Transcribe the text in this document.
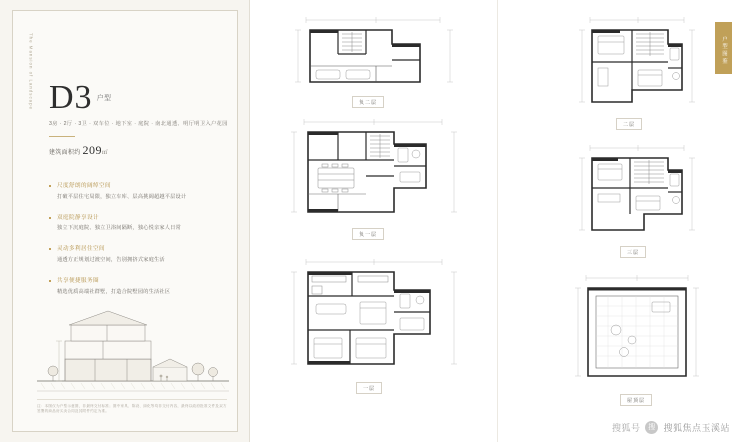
The Mansion of Landscape D3 户型
3房 · 2厅 · 3卫 · 双车位 · 地下室 · 庭院 · 南北通透、明厅明卫入户花园
建筑面积约 209㎡
尺度舒朗的阔绰空间
打破平层住宅局限，独立车库、层高挑阔超越平层设计
双庭院静享设计
独立下沉庭院、独立卫浴间隔断，独心悦亲家人日常
灵动多利居住空间
通透方正规划过渡空间，告别拥挤式家庭生活
共享便捷服务圈
精选优质高端社群墅，打造合院墅园的生活社区
注：本图仅为户型示意图，非最终交付标准；图中家具、陈设、绿化等均非交付内容，最终以政府批准文件及双方签署的商品房买卖合同及其附件约定为准。
负二层
负一层
一层
户型图鉴
二层
三层
屋顶层
搜狐号	搜 搜狐焦点玉溪站
